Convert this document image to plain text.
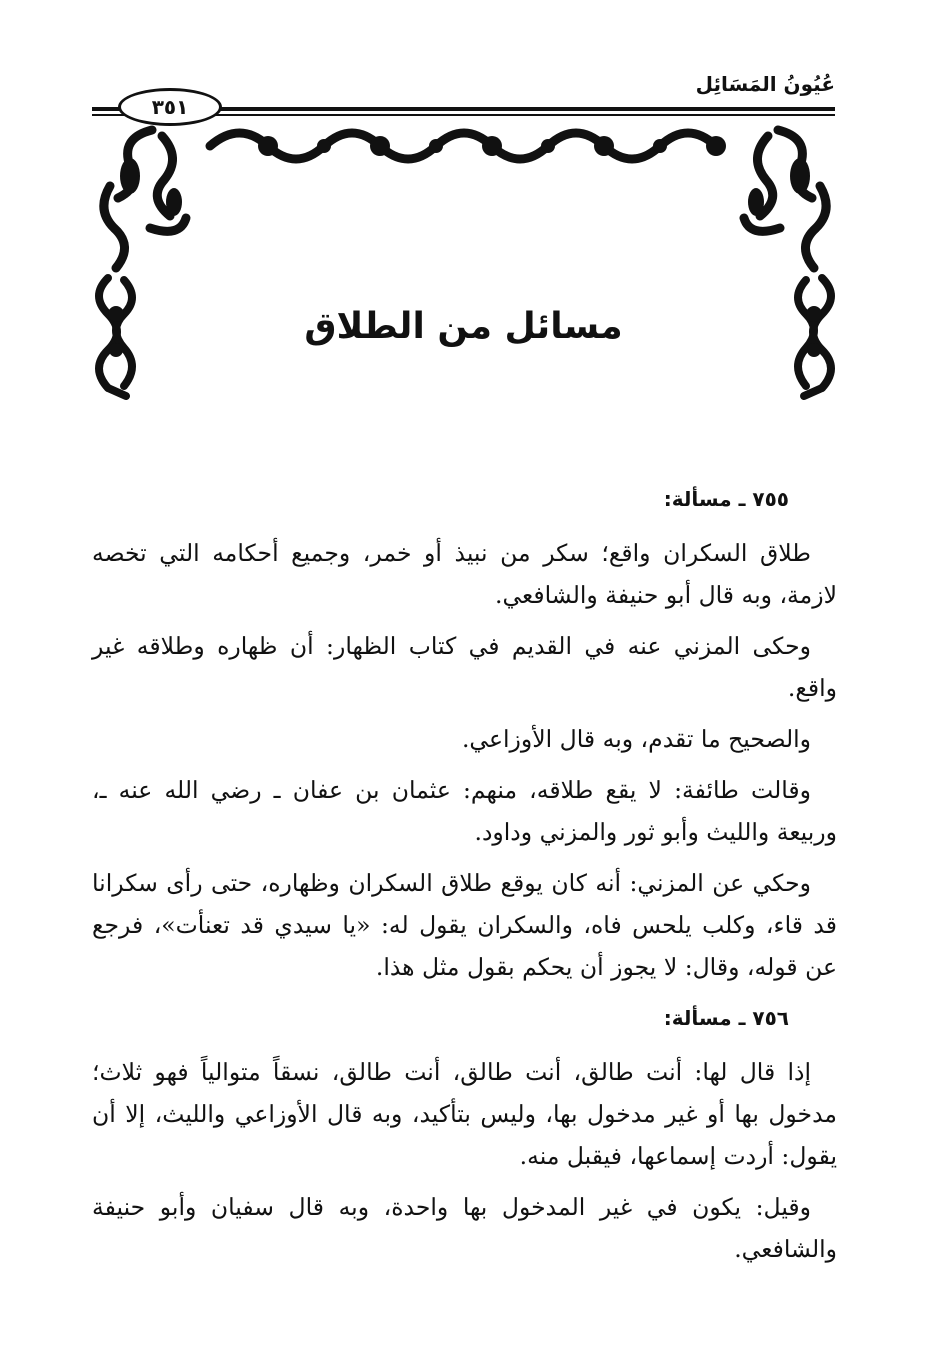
عُيُونُ المَسَائِل
٣٥١
مسائل من الطلاق
٧٥٥ ـ مسألة:

طلاق السكران واقع؛ سكر من نبيذ أو خمر، وجميع أحكامه التي تخصه لازمة، وبه قال أبو حنيفة والشافعي.

وحكى المزني عنه في القديم في كتاب الظهار: أن ظهاره وطلاقه غير واقع.

والصحيح ما تقدم، وبه قال الأوزاعي.

وقالت طائفة: لا يقع طلاقه، منهم: عثمان بن عفان ـ رضي الله عنه ـ، وربيعة والليث وأبو ثور والمزني وداود.

وحكي عن المزني: أنه كان يوقع طلاق السكران وظهاره، حتى رأى سكرانا قد قاء، وكلب يلحس فاه، والسكران يقول له: «يا سيدي قد تعنأت»، فرجع عن قوله، وقال: لا يجوز أن يحكم بقول مثل هذا.

٧٥٦ ـ مسألة:

إذا قال لها: أنت طالق، أنت طالق، أنت طالق، نسقاً متوالياً فهو ثلاث؛ مدخول بها أو غير مدخول بها، وليس بتأكيد، وبه قال الأوزاعي والليث، إلا أن يقول: أردت إسماعها، فيقبل منه.

وقيل: يكون في غير المدخول بها واحدة، وبه قال سفيان وأبو حنيفة والشافعي.
